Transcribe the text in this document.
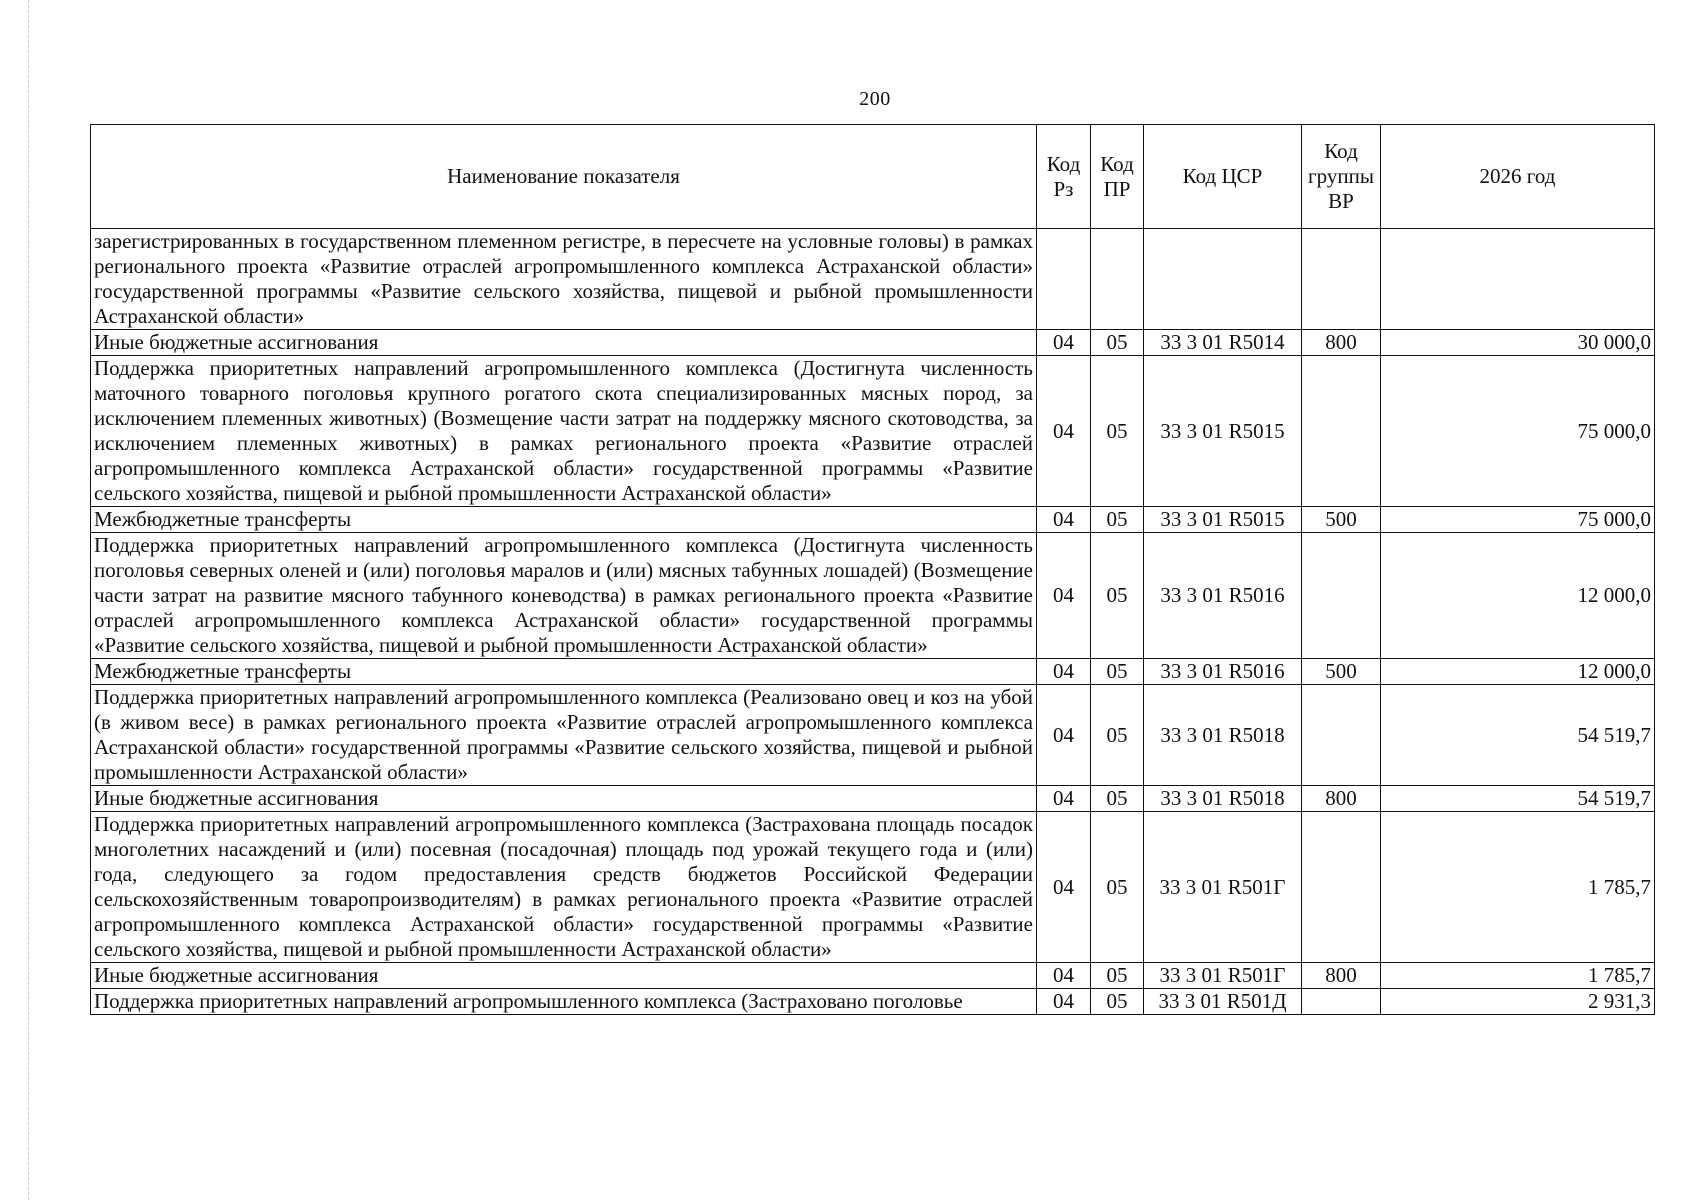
200
Наименование показателя	Код Рз	Код ПР	Код ЦСР	Код группы ВР	2026 год
зарегистрированных в государственном племенном регистре, в пересчете на условные головы) в рамках регионального проекта «Развитие отраслей агропромышленного комплекса Астраханской области» государственной программы «Развитие сельского хозяйства, пищевой и рыбной промышленности Астраханской области»					
Иные бюджетные ассигнования	04	05	33 3 01 R5014	800	30 000,0
Поддержка приоритетных направлений агропромышленного комплекса (Достигнута численность маточного товарного поголовья крупного рогатого скота специализированных мясных пород, за исключением племенных животных) (Возмещение части затрат на поддержку мясного скотоводства, за исключением племенных животных) в рамках регионального проекта «Развитие отраслей агропромышленного комплекса Астраханской области» государственной программы «Развитие сельского хозяйства, пищевой и рыбной промышленности Астраханской области»	04	05	33 3 01 R5015		75 000,0
Межбюджетные трансферты	04	05	33 3 01 R5015	500	75 000,0
Поддержка приоритетных направлений агропромышленного комплекса (Достигнута численность поголовья северных оленей и (или) поголовья маралов и (или) мясных табунных лошадей) (Возмещение части затрат на развитие мясного табунного коневодства) в рамках регионального проекта «Развитие отраслей агропромышленного комплекса Астраханской области» государственной программы «Развитие сельского хозяйства, пищевой и рыбной промышленности Астраханской области»	04	05	33 3 01 R5016		12 000,0
Межбюджетные трансферты	04	05	33 3 01 R5016	500	12 000,0
Поддержка приоритетных направлений агропромышленного комплекса (Реализовано овец и коз на убой (в живом весе) в рамках регионального проекта «Развитие отраслей агропромышленного комплекса Астраханской области» государственной программы «Развитие сельского хозяйства, пищевой и рыбной промышленности Астраханской области»	04	05	33 3 01 R5018		54 519,7
Иные бюджетные ассигнования	04	05	33 3 01 R5018	800	54 519,7
Поддержка приоритетных направлений агропромышленного комплекса (Застрахована площадь посадок многолетних насаждений и (или) посевная (посадочная) площадь под урожай текущего года и (или) года, следующего за годом предоставления средств бюджетов Российской Федерации сельскохозяйственным товаропроизводителям) в рамках регионального проекта «Развитие отраслей агропромышленного комплекса Астраханской области» государственной программы «Развитие сельского хозяйства, пищевой и рыбной промышленности Астраханской области»	04	05	33 3 01 R501Г		1 785,7
Иные бюджетные ассигнования	04	05	33 3 01 R501Г	800	1 785,7
Поддержка приоритетных направлений агропромышленного комплекса (Застраховано поголовье	04	05	33 3 01 R501Д		2 931,3
